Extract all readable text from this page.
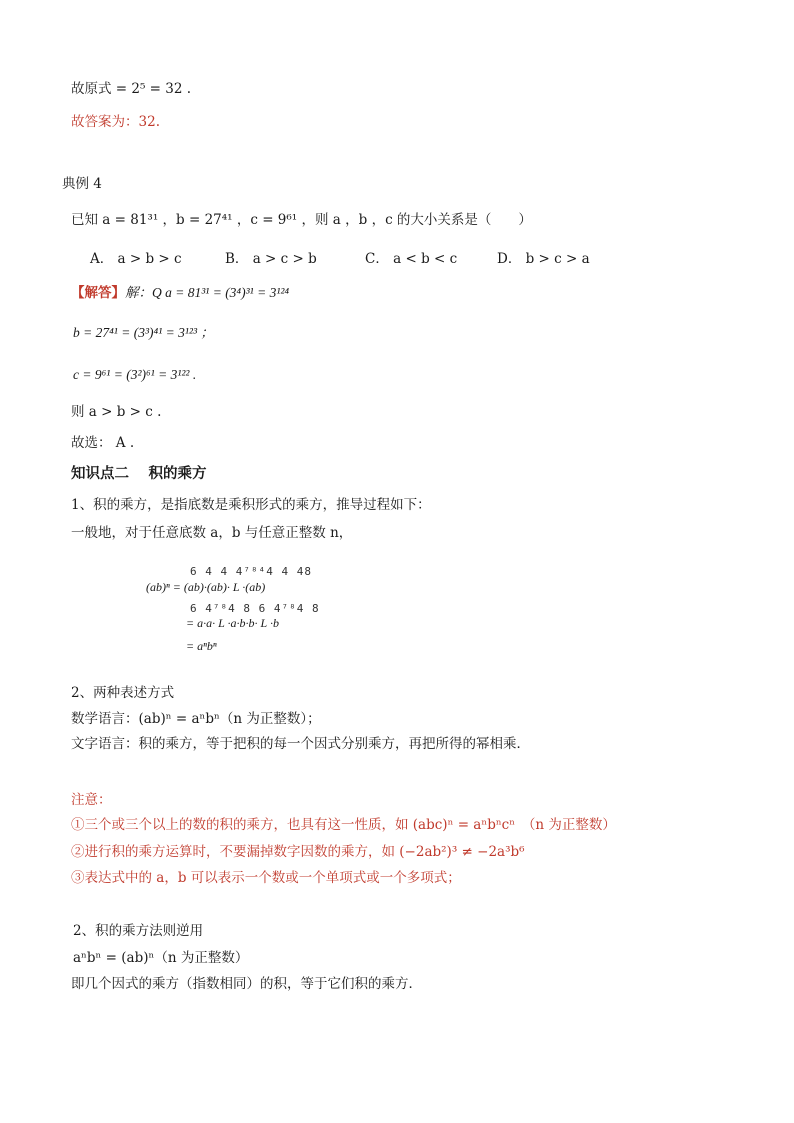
故原式 = 2⁵ = 32 .
故答案为：32.
典例 4
已知 a = 81³¹ ，b = 27⁴¹ ，c = 9⁶¹ ，则 a ，b ，c 的大小关系是（　　）
A． a > b > c	B． a > c > b	C． a < b < c	D． b > c > a
【解答】解：Q a = 81³¹ = (3⁴)³¹ = 3¹²⁴
b = 27⁴¹ = (3³)⁴¹ = 3¹²³ ；
c = 9⁶¹ = (3²)⁶¹ = 3¹²² .
则 a > b > c .
故选： A .
知识点二　 积的乘方
1、积的乘方，是指底数是乘积形式的乘方，推导过程如下：
一般地，对于任意底数 a，b 与任意正整数 n，
6 4 4 4⁷⁸⁴4 4 48
(ab)ⁿ = (ab)·(ab)· L ·(ab)
6 4⁷⁸4 8 6 4⁷⁸4 8
= a·a· L ·a·b·b· L ·b
= aⁿbⁿ
2、两种表述方式
数学语言：(ab)ⁿ = aⁿbⁿ（n 为正整数）；
文字语言：积的乘方，等于把积的每一个因式分别乘方，再把所得的幂相乘．
注意：
①三个或三个以上的数的积的乘方，也具有这一性质，如 (abc)ⁿ = aⁿbⁿcⁿ　（n 为正整数）
②进行积的乘方运算时，不要漏掉数字因数的乘方，如 (−2ab²)³ ≠ −2a³b⁶
③表达式中的 a，b 可以表示一个数或一个单项式或一个多项式；
2、积的乘方法则逆用
aⁿbⁿ = (ab)ⁿ（n 为正整数）
即几个因式的乘方（指数相同）的积，等于它们积的乘方．
